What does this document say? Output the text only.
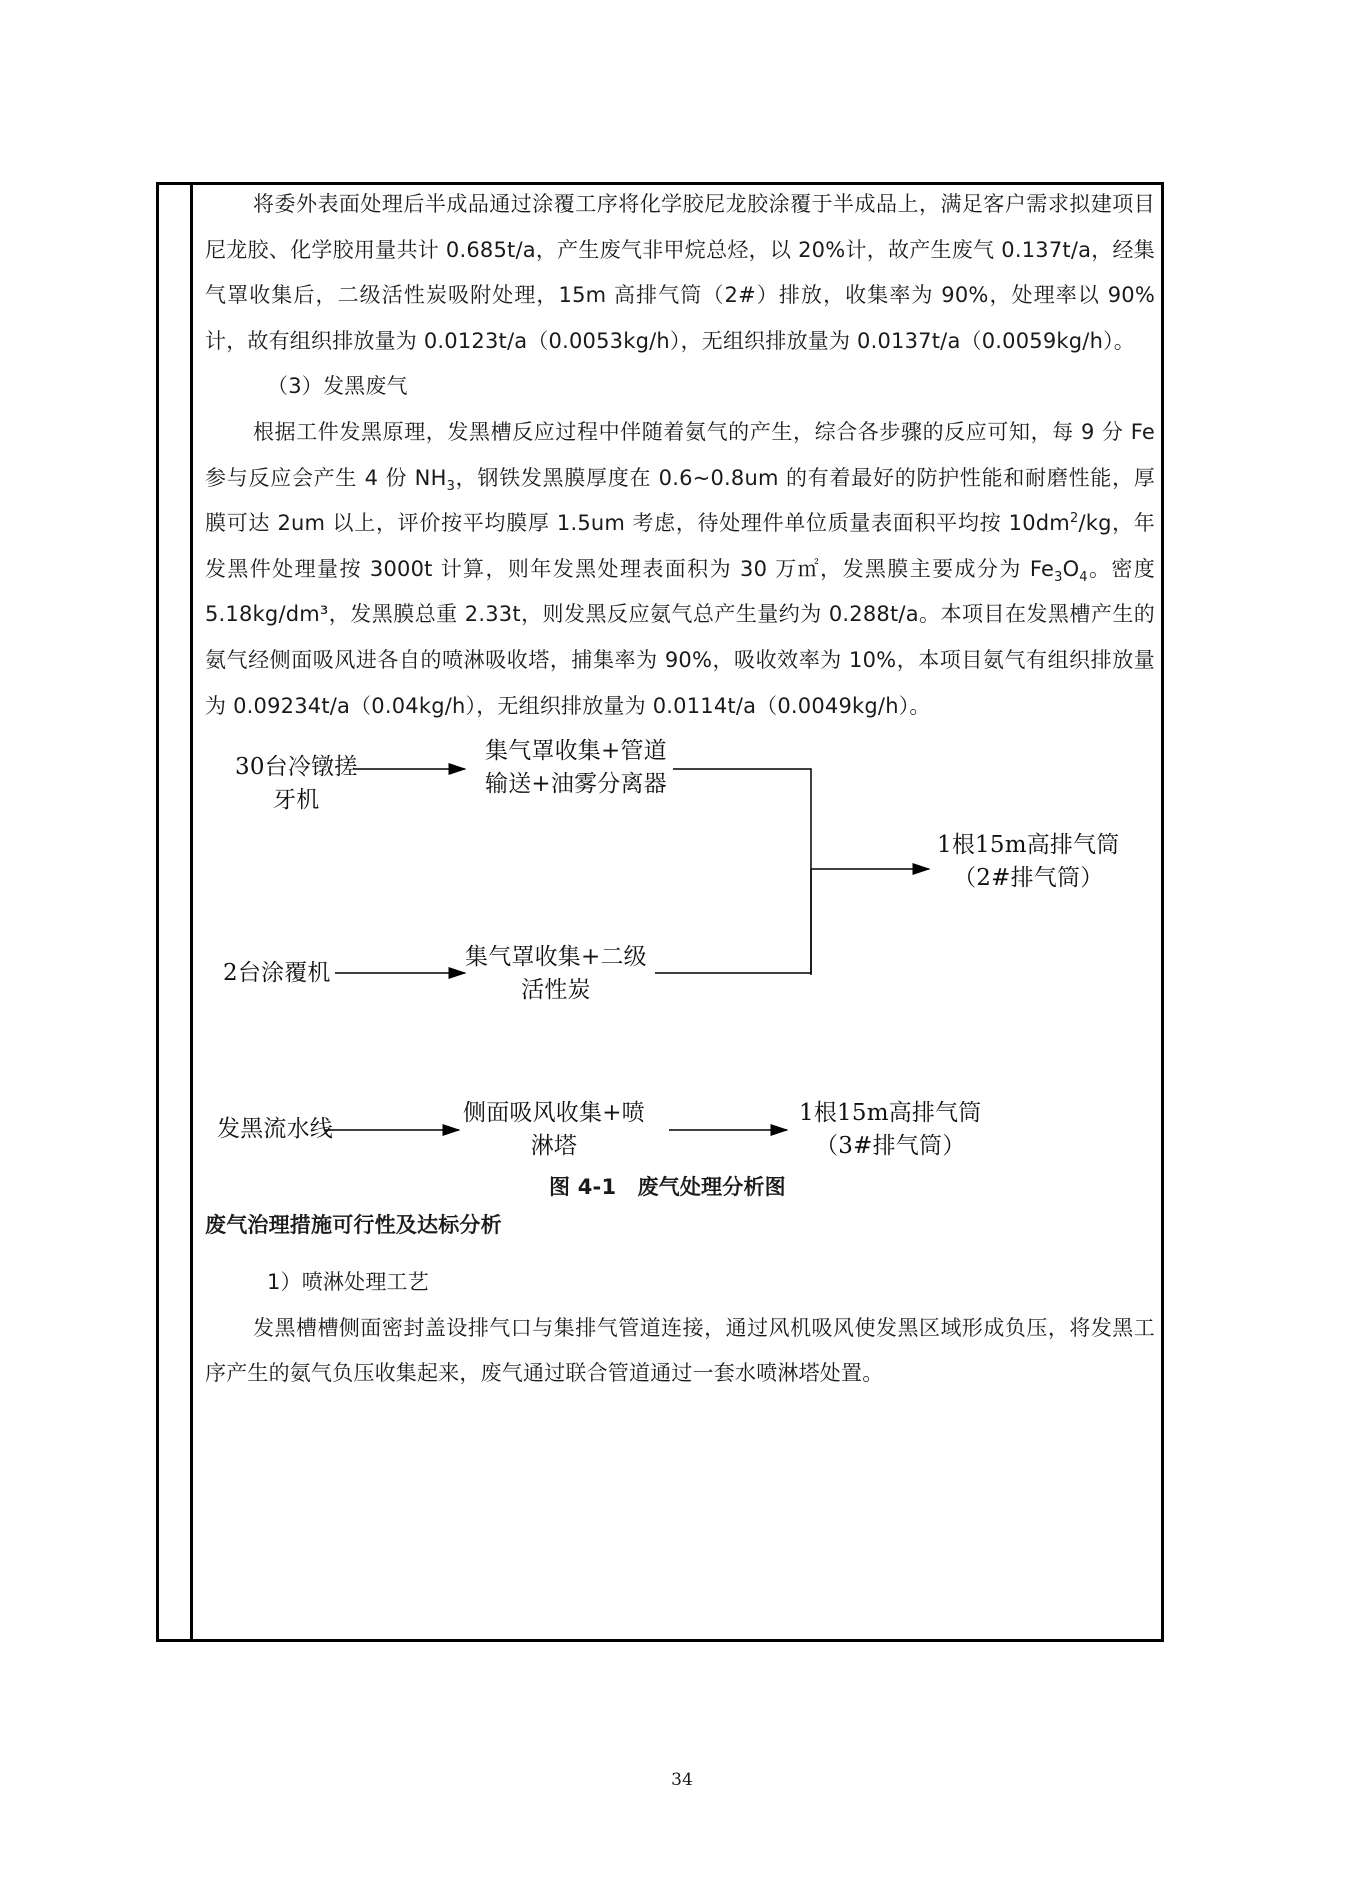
将委外表面处理后半成品通过涂覆工序将化学胶尼龙胶涂覆于半成品上，满足客户需求拟建项目尼龙胶、化学胶用量共计 0.685t/a，产生废气非甲烷总烃，以 20%计，故产生废气 0.137t/a，经集气罩收集后，二级活性炭吸附处理，15m 高排气筒（2#）排放，收集率为 90%，处理率以 90%计，故有组织排放量为 0.0123t/a（0.0053kg/h），无组织排放量为 0.0137t/a（0.0059kg/h）。

（3）发黑废气

根据工件发黑原理，发黑槽反应过程中伴随着氨气的产生，综合各步骤的反应可知，每 9 分 Fe 参与反应会产生 4 份 $NH_3$，钢铁发黑膜厚度在 0.6~0.8um 的有着最好的防护性能和耐磨性能，厚膜可达 2um 以上，评价按平均膜厚 1.5um 考虑，待处理件单位质量表面积平均按 $10dm^2/kg$，年发黑件处理量按 3000t 计算，则年发黑处理表面积为 30 万㎡，发黑膜主要成分为 $Fe_3O_4$。密度 5.18kg/dm³，发黑膜总重 2.33t，则发黑反应氨气总产生量约为 0.288t/a。本项目在发黑槽产生的氨气经侧面吸风进各自的喷淋吸收塔，捕集率为 90%，吸收效率为 10%，本项目氨气有组织排放量为 0.09234t/a（0.04kg/h），无组织排放量为 0.0114t/a（0.0049kg/h）。

30台冷镦搓
牙机
集气罩收集+管道
输送+油雾分离器
1根15m高排气筒
（2#排气筒）
2台涂覆机
集气罩收集+二级
活性炭
发黑流水线
侧面吸风收集+喷
淋塔
1根15m高排气筒
（3#排气筒）
图 4-1　废气处理分析图

废气治理措施可行性及达标分析

1）喷淋处理工艺

发黑槽槽侧面密封盖设排气口与集排气管道连接，通过风机吸风使发黑区域形成负压，将发黑工序产生的氨气负压收集起来，废气通过联合管道通过一套水喷淋塔处置。

34
